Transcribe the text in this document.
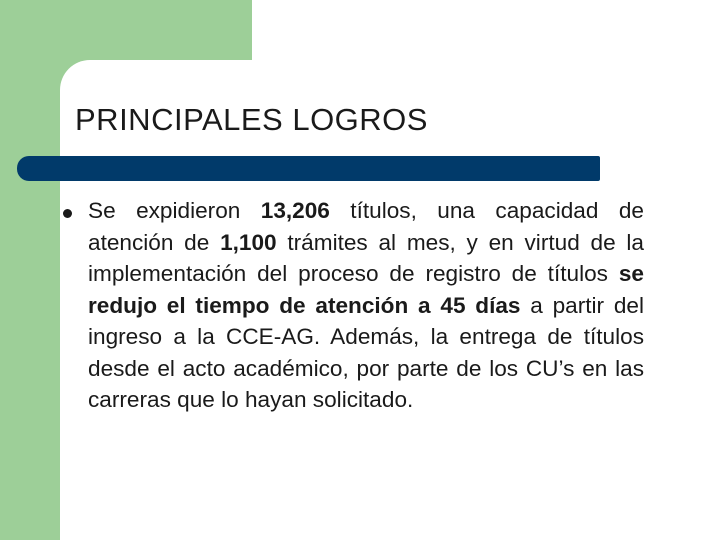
PRINCIPALES LOGROS

Se expidieron 13,206 títulos, una capacidad de atención de 1,100 trámites al mes, y en virtud de la implementación del proceso de registro de títulos se redujo el tiempo de atención a 45 días a partir del ingreso a la CCE-AG. Además, la entrega de títulos desde el acto académico, por parte de los CU’s en las carreras que lo hayan solicitado.
